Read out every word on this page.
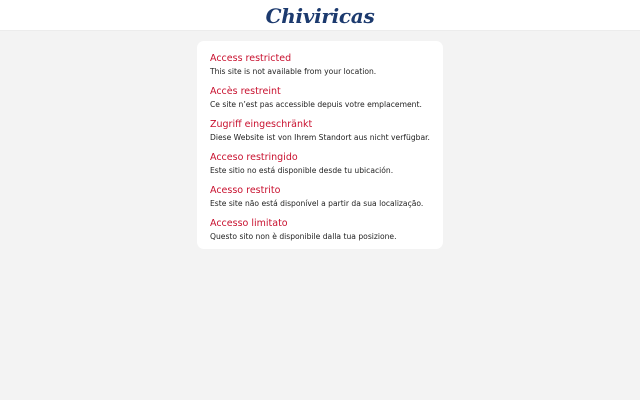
Chiviricas
Access restricted
This site is not available from your location.
Accès restreint
Ce site n’est pas accessible depuis votre emplacement.
Zugriff eingeschränkt
Diese Website ist von Ihrem Standort aus nicht verfügbar.
Acceso restringido
Este sitio no está disponible desde tu ubicación.
Acesso restrito
Este site não está disponível a partir da sua localização.
Accesso limitato
Questo sito non è disponibile dalla tua posizione.
